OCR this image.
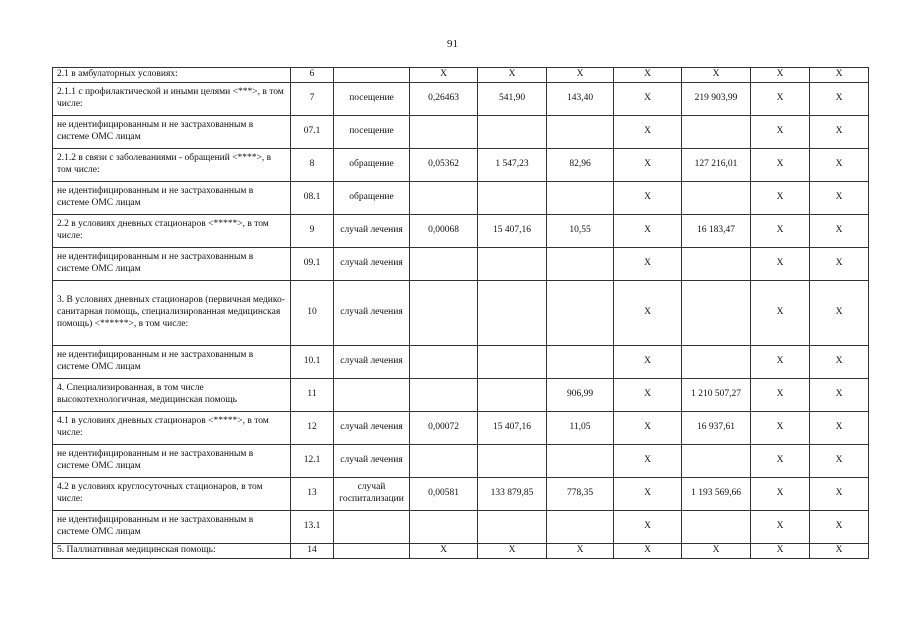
91
2.1 в амбулаторных условиях:	6		X	X	X	X	X	X	X
2.1.1 с профилактической и иными целями <***>, в том числе:	7	посещение	0,26463	541,90	143,40	X	219 903,99	X	X
не идентифицированным и не застрахованным в системе ОМС лицам	07.1	посещение				X		X	X
2.1.2 в связи с заболеваниями - обращений <****>, в том числе:	8	обращение	0,05362	1 547,23	82,96	X	127 216,01	X	X
не идентифицированным и не застрахованным в системе ОМС лицам	08.1	обращение				X		X	X
2.2 в условиях дневных стационаров <*****>, в том числе:	9	случай лечения	0,00068	15 407,16	10,55	X	16 183,47	X	X
не идентифицированным и не застрахованным в системе ОМС лицам	09.1	случай лечения				X		X	X
3. В условиях дневных стационаров (первичная медико-санитарная помощь, специализированная медицинская помощь) <******>, в том числе:	10	случай лечения				X		X	X
не идентифицированным и не застрахованным в системе ОМС лицам	10.1	случай лечения				X		X	X
4. Специализированная, в том числе высокотехнологичная, медицинская помощь	11				906,99	X	1 210 507,27	X	X
4.1 в условиях дневных стационаров <*****>, в том числе:	12	случай лечения	0,00072	15 407,16	11,05	X	16 937,61	X	X
не идентифицированным и не застрахованным в системе ОМС лицам	12.1	случай лечения				X		X	X
4.2 в условиях круглосуточных стационаров, в том числе:	13	случай госпитализации	0,00581	133 879,85	778,35	X	1 193 569,66	X	X
не идентифицированным и не застрахованным в системе ОМС лицам	13.1					X		X	X
5. Паллиативная медицинская помощь:	14		X	X	X	X	X	X	X
